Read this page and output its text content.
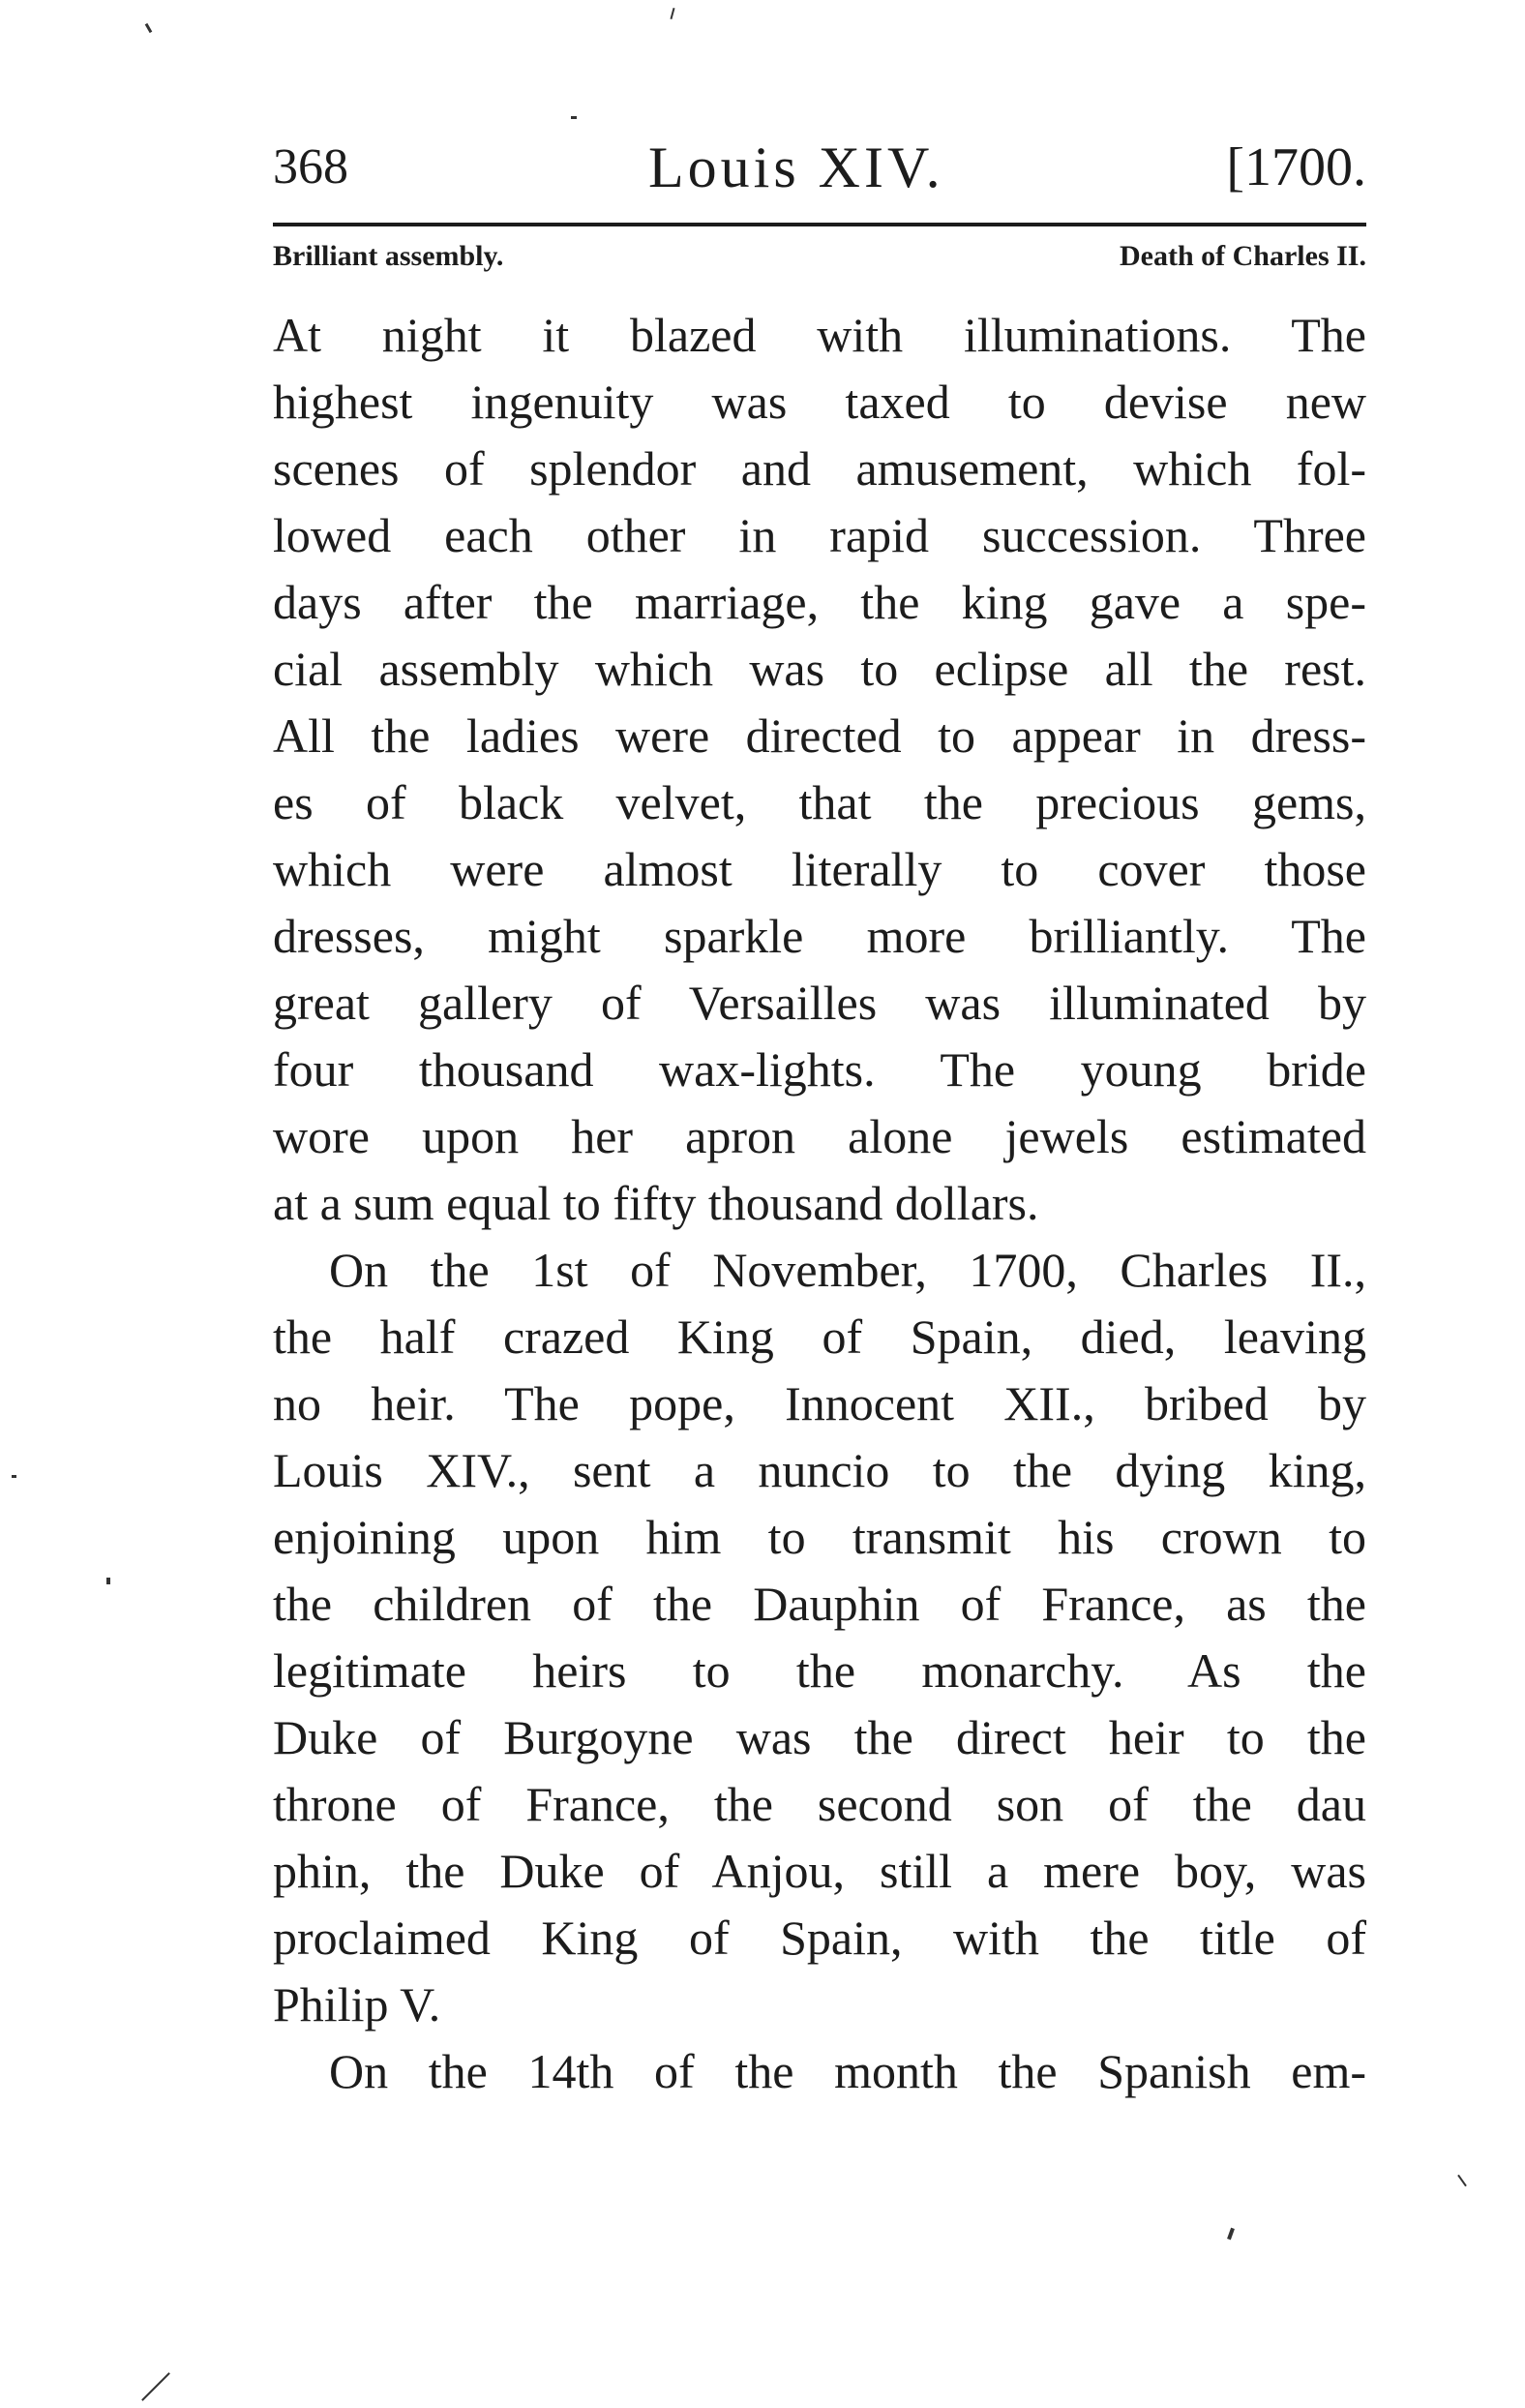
368	Louis XIV.	[1700.
Brilliant assembly.	Death of Charles II.
At night it blazed with illuminations. The
highest ingenuity was taxed to devise new
scenes of splendor and amusement, which fol-
lowed each other in rapid succession. Three
days after the marriage, the king gave a spe-
cial assembly which was to eclipse all the rest.
All the ladies were directed to appear in dress-
es of black velvet, that the precious gems,
which were almost literally to cover those
dresses, might sparkle more brilliantly. The
great gallery of Versailles was illuminated by
four thousand wax-lights. The young bride
wore upon her apron alone jewels estimated
at a sum equal to fifty thousand dollars.
On the 1st of November, 1700, Charles II.,
the half crazed King of Spain, died, leaving
no heir. The pope, Innocent XII., bribed by
Louis XIV., sent a nuncio to the dying king,
enjoining upon him to transmit his crown to
the children of the Dauphin of France, as the
legitimate heirs to the monarchy. As the
Duke of Burgoyne was the direct heir to the
throne of France, the second son of the dau
phin, the Duke of Anjou, still a mere boy, was
proclaimed King of Spain, with the title of
Philip V.
On the 14th of the month the Spanish em-
